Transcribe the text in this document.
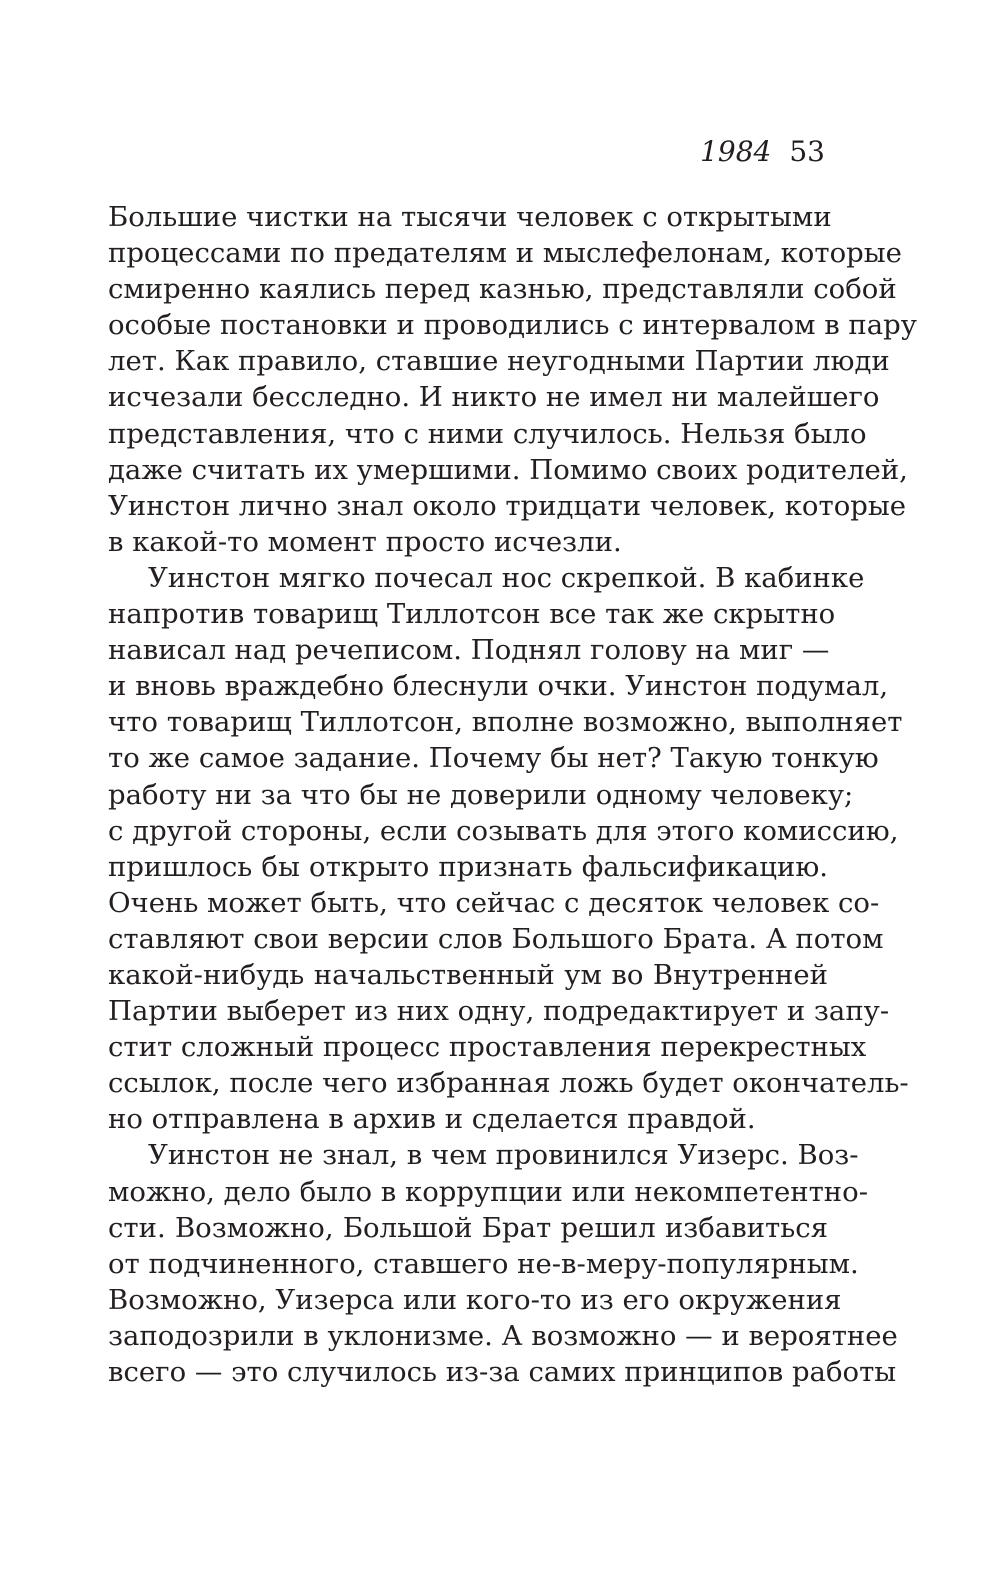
1984 53
Большие чистки на тысячи человек с открытыми
процессами по предателям и мыслефелонам, которые
смиренно каялись перед казнью, представляли собой
особые постановки и проводились с интервалом в пару
лет. Как правило, ставшие неугодными Партии люди
исчезали бесследно. И никто не имел ни малейшего
представления, что с ними случилось. Нельзя было
даже считать их умершими. Помимо своих родителей,
Уинстон лично знал около тридцати человек, которые
в какой-то момент просто исчезли.
Уинстон мягко почесал нос скрепкой. В кабинке
напротив товарищ Тиллотсон все так же скрытно
нависал над речеписом. Поднял голову на миг —
и вновь враждебно блеснули очки. Уинстон подумал,
что товарищ Тиллотсон, вполне возможно, выполняет
то же самое задание. Почему бы нет? Такую тонкую
работу ни за что бы не доверили одному человеку;
с другой стороны, если созывать для этого комиссию,
пришлось бы открыто признать фальсификацию.
Очень может быть, что сейчас с десяток человек со-
ставляют свои версии слов Большого Брата. А потом
какой-нибудь начальственный ум во Внутренней
Партии выберет из них одну, подредактирует и запу-
стит сложный процесс проставления перекрестных
ссылок, после чего избранная ложь будет окончатель-
но отправлена в архив и сделается правдой.
Уинстон не знал, в чем провинился Уизерс. Воз-
можно, дело было в коррупции или некомпетентно-
сти. Возможно, Большой Брат решил избавиться
от подчиненного, ставшего не-в-меру-популярным.
Возможно, Уизерса или кого-то из его окружения
заподозрили в уклонизме. А возможно — и вероятнее
всего — это случилось из-за самих принципов работы
